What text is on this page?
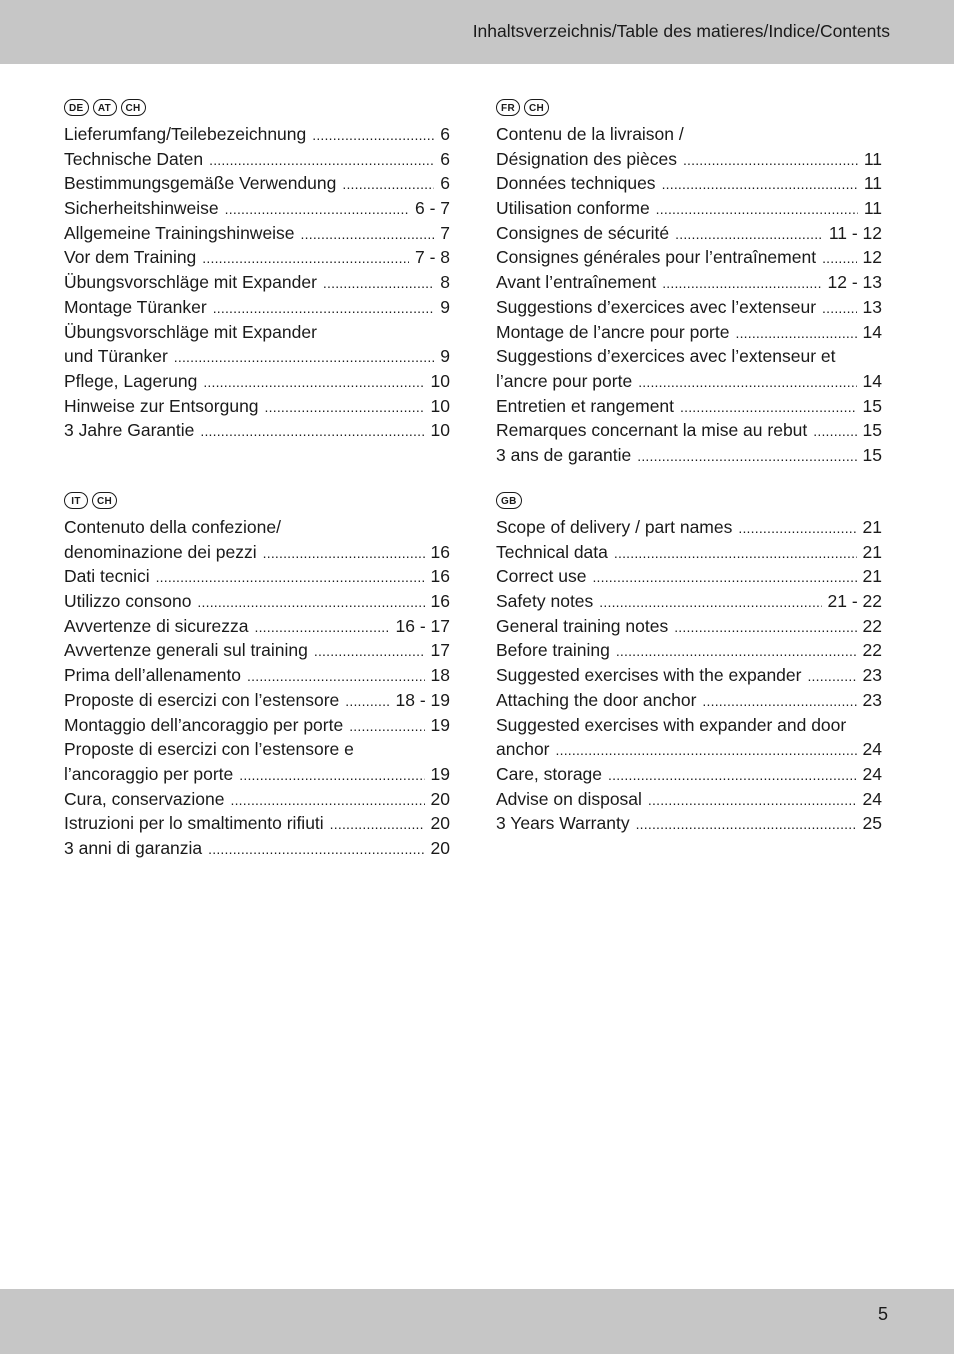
Inhaltsverzeichnis/Table des matieres/Indice/Contents
DE	AT	CH
Lieferumfang/Teilebezeichnung .....	6
Technische Daten .....	6
Bestimmungsgemäße Verwendung .....	6
Sicherheitshinweise .....	6 - 7
Allgemeine Trainingshinweise .....	7
Vor dem Training .....	7 - 8
Übungsvorschläge mit Expander .....	8
Montage Türanker .....	9
Übungsvorschläge mit Expander
und Türanker .....	9
Pflege, Lagerung .....	10
Hinweise zur Entsorgung .....	10
3 Jahre Garantie .....	10
FR	CH
Contenu de la livraison /
Désignation des pièces .....	11
Données techniques .....	11
Utilisation conforme .....	11
Consignes de sécurité .....	11 - 12
Consignes générales pour l’entraînement .....	12
Avant l’entraînement .....	12 - 13
Suggestions d’exercices avec l’extenseur .....	13
Montage de l’ancre pour porte .....	14
Suggestions d’exercices avec l’extenseur et
l’ancre pour porte .....	14
Entretien et rangement .....	15
Remarques concernant la mise au rebut .....	15
3 ans de garantie .....	15
IT	CH
Contenuto della confezione/
denominazione dei pezzi .....	16
Dati tecnici .....	16
Utilizzo consono .....	16
Avvertenze di sicurezza .....	16 - 17
Avvertenze generali sul training .....	17
Prima dell’allenamento .....	18
Proposte di esercizi con l’estensore .....	18 - 19
Montaggio dell’ancoraggio per porte .....	19
Proposte di esercizi con l’estensore e
l’ancoraggio per porte .....	19
Cura, conservazione .....	20
Istruzioni per lo smaltimento rifiuti .....	20
3 anni di garanzia .....	20
GB
Scope of delivery / part names .....	21
Technical data .....	21
Correct use .....	21
Safety notes .....	21 - 22
General training notes .....	22
Before training .....	22
Suggested exercises with the expander .....	23
Attaching the door anchor .....	23
Suggested exercises with expander and door
anchor .....	24
Care, storage .....	24
Advise on disposal .....	24
3 Years Warranty .....	25
5
